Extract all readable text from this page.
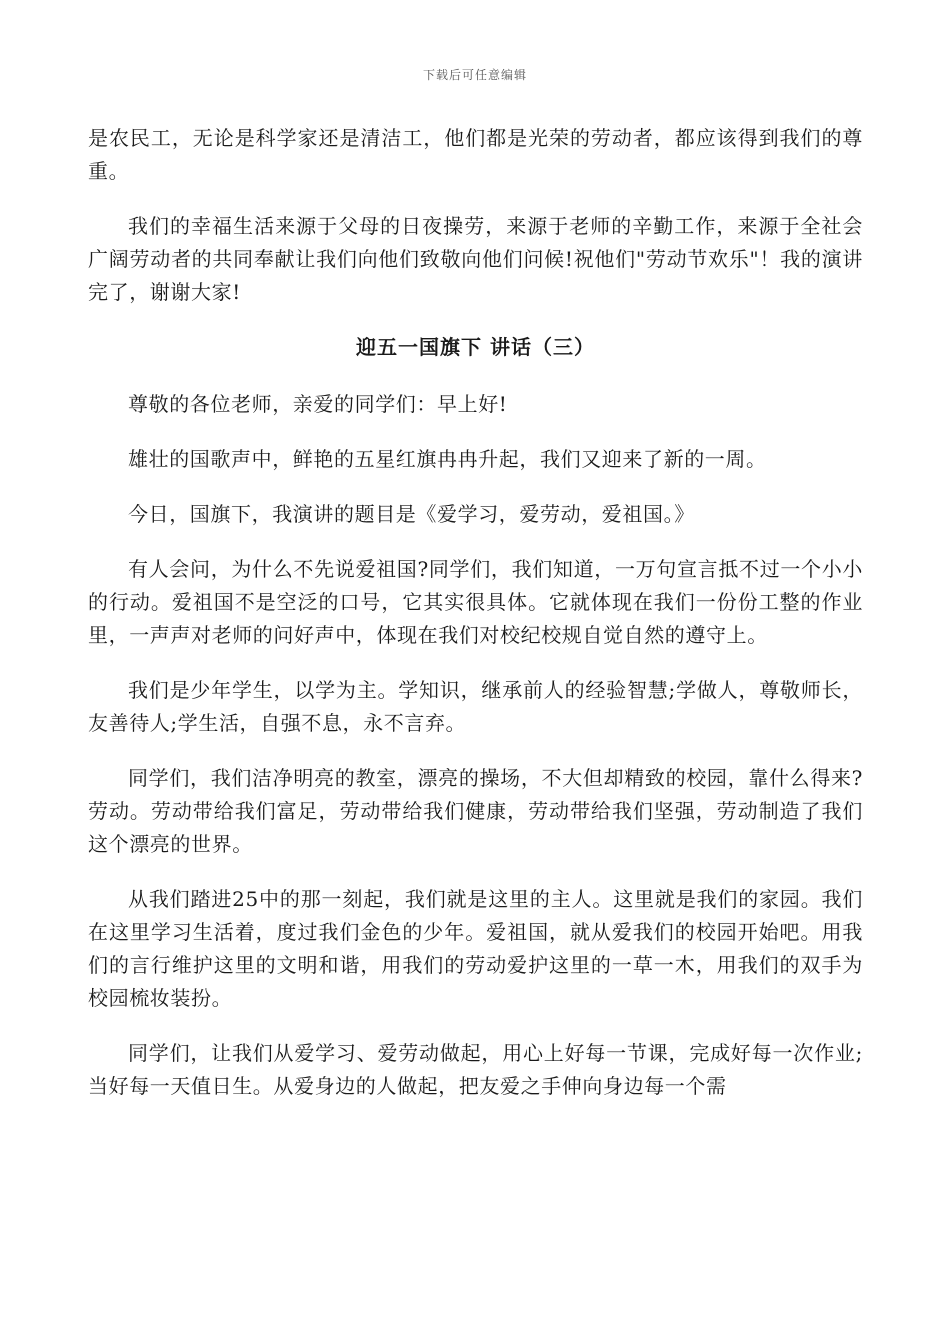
下载后可任意编辑

是农民工，无论是科学家还是清洁工，他们都是光荣的劳动者，都应该得到我们的尊重。

我们的幸福生活来源于父母的日夜操劳，来源于老师的辛勤工作，来源于全社会广阔劳动者的共同奉献让我们向他们致敬向他们问候!祝他们"劳动节欢乐"！我的演讲完了，谢谢大家!

迎五一国旗下 讲话（三）

尊敬的各位老师，亲爱的同学们：早上好!

雄壮的国歌声中，鲜艳的五星红旗冉冉升起，我们又迎来了新的一周。

今日，国旗下，我演讲的题目是《爱学习，爱劳动，爱祖国。》

有人会问，为什么不先说爱祖国?同学们，我们知道，一万句宣言抵不过一个小小的行动。爱祖国不是空泛的口号，它其实很具体。它就体现在我们一份份工整的作业里，一声声对老师的问好声中，体现在我们对校纪校规自觉自然的遵守上。

我们是少年学生，以学为主。学知识，继承前人的经验智慧;学做人，尊敬师长，友善待人;学生活，自强不息，永不言弃。

同学们，我们洁净明亮的教室，漂亮的操场，不大但却精致的校园，靠什么得来?劳动。劳动带给我们富足，劳动带给我们健康，劳动带给我们坚强，劳动制造了我们这个漂亮的世界。

从我们踏进25中的那一刻起，我们就是这里的主人。这里就是我们的家园。我们在这里学习生活着，度过我们金色的少年。爱祖国，就从爱我们的校园开始吧。用我们的言行维护这里的文明和谐，用我们的劳动爱护这里的一草一木，用我们的双手为校园梳妆装扮。

同学们，让我们从爱学习、爱劳动做起，用心上好每一节课，完成好每一次作业;当好每一天值日生。从爱身边的人做起，把友爱之手伸向身边每一个需
